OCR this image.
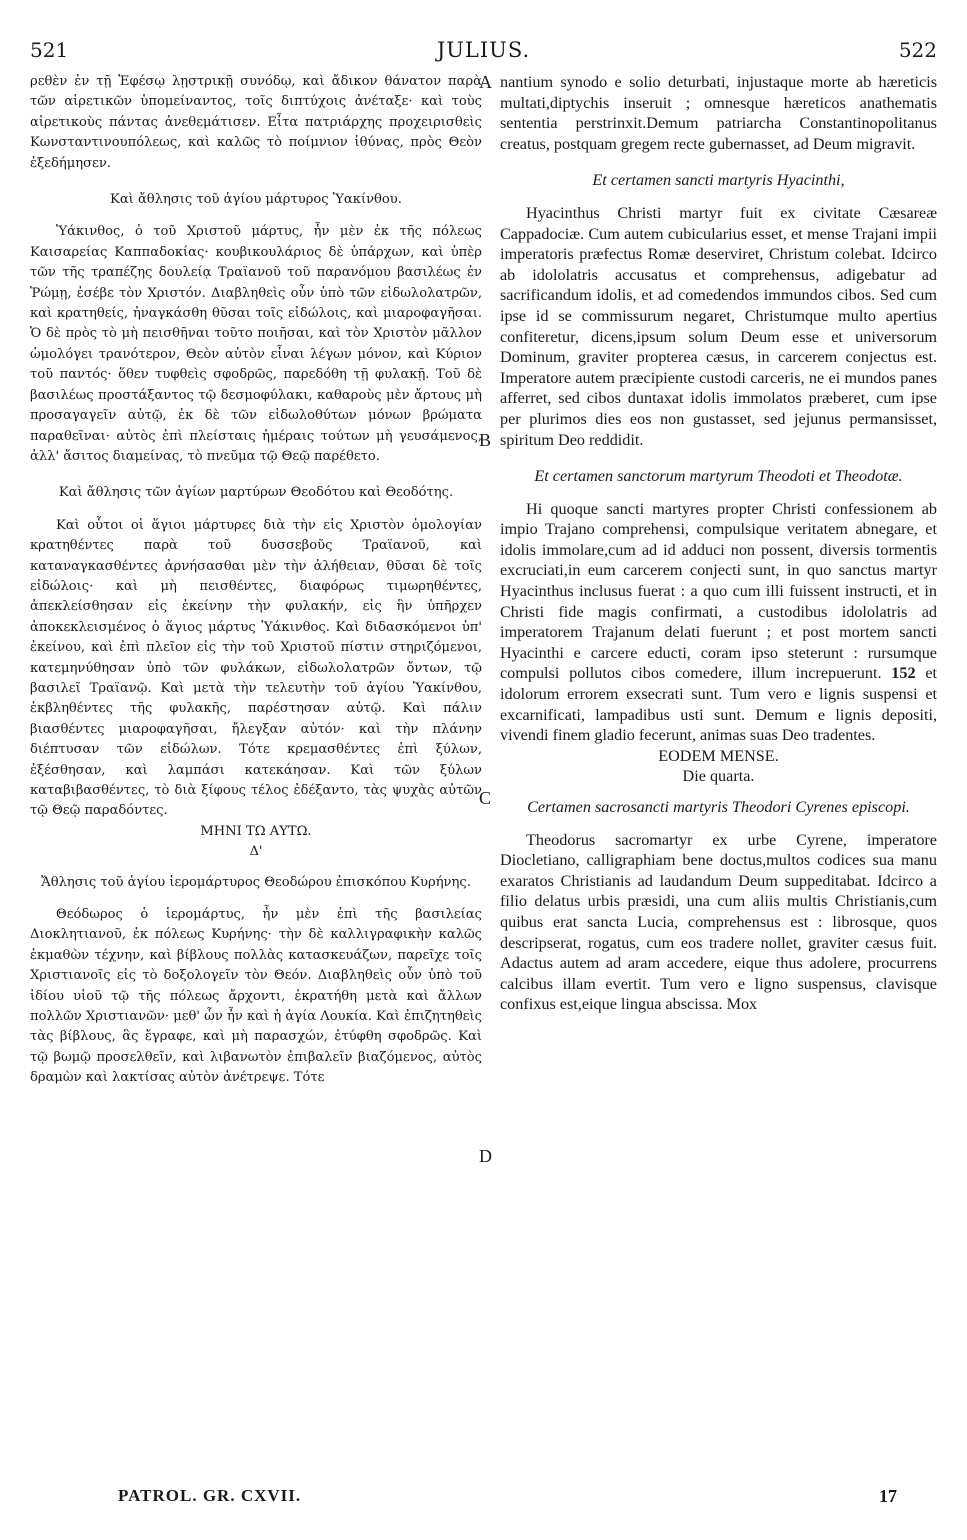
521	JULIUS.	522
ρεθὲν ἐν τῇ Ἐφέσῳ λῃστρικῇ συνόδῳ, καὶ ἄδικον θάνατον παρὰ τῶν αἱρετικῶν ὑπομείναντος, τοῖς διπτύχοις ἀνέταξε· καὶ τοὺς αἱρετικοὺς πάντας ἀνεθεμάτισεν. Εἶτα πατριάρχης προχειρισθεὶς Κωνσταντινουπόλεως, καὶ καλῶς τὸ ποίμνιον ἰθύνας, πρὸς Θεὸν ἐξεδήμησεν.
Καὶ ἄθλησις τοῦ ἁγίου μάρτυρος Ὑακίνθου.
Ὑάκινθος, ὁ τοῦ Χριστοῦ μάρτυς, ἦν μὲν ἐκ τῆς πόλεως Καισαρείας Καππαδοκίας· κουβικουλάριος δὲ ὑπάρχων, καὶ ὑπὲρ τῶν τῆς τραπέζης δουλείᾳ Τραϊανοῦ τοῦ παρανόμου βασιλέως ἐν Ῥώμῃ, ἐσέβε τὸν Χριστόν. Διαβληθεὶς οὖν ὑπὸ τῶν εἰδωλολατρῶν, καὶ κρατηθείς, ἠναγκάσθη θῦσαι τοῖς εἰδώλοις, καὶ μιαροφαγῆσαι. Ὁ δὲ πρὸς τὸ μὴ πεισθῆναι τοῦτο ποιῆσαι, καὶ τὸν Χριστὸν μᾶλλον ὡμολόγει τρανότερον, Θεὸν αὐτὸν εἶναι λέγων μόνον, καὶ Κύριον τοῦ παντός· ὅθεν τυφθεὶς σφοδρῶς, παρεδόθη τῇ φυλακῇ. Τοῦ δὲ βασιλέως προστάξαντος τῷ δεσμοφύλακι, καθαροὺς μὲν ἄρτους μὴ προσαγαγεῖν αὐτῷ, ἐκ δὲ τῶν εἰδωλοθύτων μόνων βρώματα παραθεῖναι· αὐτὸς ἐπὶ πλείσταις ἡμέραις τούτων μὴ γευσάμενος, ἀλλ' ἄσιτος διαμείνας, τὸ πνεῦμα τῷ Θεῷ παρέθετο.
Καὶ ἄθλησις τῶν ἁγίων μαρτύρων Θεοδότου καὶ Θεοδότης.
Καὶ οὗτοι οἱ ἅγιοι μάρτυρες διὰ τὴν εἰς Χριστὸν ὁμολογίαν κρατηθέντες παρὰ τοῦ δυσσεβοῦς Τραϊανοῦ, καὶ καταναγκασθέντες ἀρνήσασθαι μὲν τὴν ἀλήθειαν, θῦσαι δὲ τοῖς εἰδώλοις· καὶ μὴ πεισθέντες, διαφόρως τιμωρηθέντες, ἀπεκλείσθησαν εἰς ἐκείνην τὴν φυλακήν, εἰς ἣν ὑπῆρχεν ἀποκεκλεισμένος ὁ ἅγιος μάρτυς Ὑάκινθος. Καὶ διδασκόμενοι ὑπ' ἐκείνου, καὶ ἐπὶ πλεῖον εἰς τὴν τοῦ Χριστοῦ πίστιν στηριζόμενοι, κατεμηνύθησαν ὑπὸ τῶν φυλάκων, εἰδωλολατρῶν ὄντων, τῷ βασιλεῖ Τραϊανῷ. Καὶ μετὰ τὴν τελευτὴν τοῦ ἁγίου Ὑακίνθου, ἐκβληθέντες τῆς φυλακῆς, παρέστησαν αὐτῷ. Καὶ πάλιν βιασθέντες μιαροφαγῆσαι, ἤλεγξαν αὐτόν· καὶ τὴν πλάνην διέπτυσαν τῶν εἰδώλων. Τότε κρεμασθέντες ἐπὶ ξύλων, ἐξέσθησαν, καὶ λαμπάσι κατεκάησαν. Καὶ τῶν ξύλων καταβιβασθέντες, τὸ διὰ ξίφους τέλος ἐδέξαντο, τὰς ψυχὰς αὐτῶν τῷ Θεῷ παραδόντες.
ΜΗΝΙ ΤΩ ΑΥΤΩ.
Δ'
Ἄθλησις τοῦ ἁγίου ἱερομάρτυρος Θεοδώρου ἐπισκόπου Κυρήνης.
Θεόδωρος ὁ ἱερομάρτυς, ἦν μὲν ἐπὶ τῆς βασιλείας Διοκλητιανοῦ, ἐκ πόλεως Κυρήνης· τὴν δὲ καλλιγραφικὴν καλῶς ἐκμαθὼν τέχνην, καὶ βίβλους πολλὰς κατασκευάζων, παρεῖχε τοῖς Χριστιανοῖς εἰς τὸ δοξολογεῖν τὸν Θεόν. Διαβληθεὶς οὖν ὑπὸ τοῦ ἰδίου υἱοῦ τῷ τῆς πόλεως ἄρχοντι, ἐκρατήθη μετὰ καὶ ἄλλων πολλῶν Χριστιανῶν· μεθ' ὧν ἦν καὶ ἡ ἁγία Λουκία. Καὶ ἐπιζητηθεὶς τὰς βίβλους, ἃς ἔγραφε, καὶ μὴ παρασχών, ἐτύφθη σφοδρῶς. Καὶ τῷ βωμῷ προσελθεῖν, καὶ λιβανωτὸν ἐπιβαλεῖν βιαζόμενος, αὐτὸς δραμὼν καὶ λακτίσας αὐτὸν ἀνέτρεψε. Τότε
A
B
C
D
nantium synodo e solio deturbati, injustaque morte ab hæreticis multati,diptychis inseruit ; omnesque hæreticos anathematis sententia perstrinxit.Demum patriarcha Constantinopolitanus creatus, postquam gregem recte gubernasset, ad Deum migravit.
Et certamen sancti martyris Hyacinthi,
Hyacinthus Christi martyr fuit ex civitate Cæsareæ Cappadociæ. Cum autem cubicularius esset, et mense Trajani impii imperatoris præfectus Romæ deserviret, Christum colebat. Idcirco ab idololatris accusatus et comprehensus, adigebatur ad sacrificandum idolis, et ad comedendos immundos cibos. Sed cum ipse id se commissurum negaret, Christumque multo apertius confiteretur, dicens,ipsum solum Deum esse et universorum Dominum, graviter propterea cæsus, in carcerem conjectus est. Imperatore autem præcipiente custodi carceris, ne ei mundos panes afferret, sed cibos duntaxat idolis immolatos præberet, cum ipse per plurimos dies eos non gustasset, sed jejunus permansisset, spiritum Deo reddidit.
Et certamen sanctorum martyrum Theodoti et Theodotæ.
Hi quoque sancti martyres propter Christi confessionem ab impio Trajano comprehensi, compulsique veritatem abnegare, et idolis immolare,cum ad id adduci non possent, diversis tormentis excruciati,in eum carcerem conjecti sunt, in quo sanctus martyr Hyacinthus inclusus fuerat : a quo cum illi fuissent instructi, et in Christi fide magis confirmati, a custodibus idololatris ad imperatorem Trajanum delati fuerunt ; et post mortem sancti Hyacinthi e carcere educti, coram ipso steterunt : rursumque compulsi pollutos cibos comedere, illum increpuerunt. 152 et idolorum errorem exsecrati sunt. Tum vero e lignis suspensi et excarnificati, lampadibus usti sunt. Demum e lignis depositi, vivendi finem gladio fecerunt, animas suas Deo tradentes.
EODEM MENSE.
Die quarta.
Certamen sacrosancti martyris Theodori Cyrenes episcopi.
Theodorus sacromartyr ex urbe Cyrene, imperatore Diocletiano, calligraphiam bene doctus,multos codices sua manu exaratos Christianis ad laudandum Deum suppeditabat. Idcirco a filio delatus urbis præsidi, una cum aliis multis Christianis,cum quibus erat sancta Lucia, comprehensus est : librosque, quos descripserat, rogatus, cum eos tradere nollet, graviter cæsus fuit. Adactus autem ad aram accedere, eique thus adolere, procurrens calcibus illam evertit. Tum vero e ligno suspensus, clavisque confixus est,eique lingua abscissa. Mox
PATROL. GR. CXVII.	17
